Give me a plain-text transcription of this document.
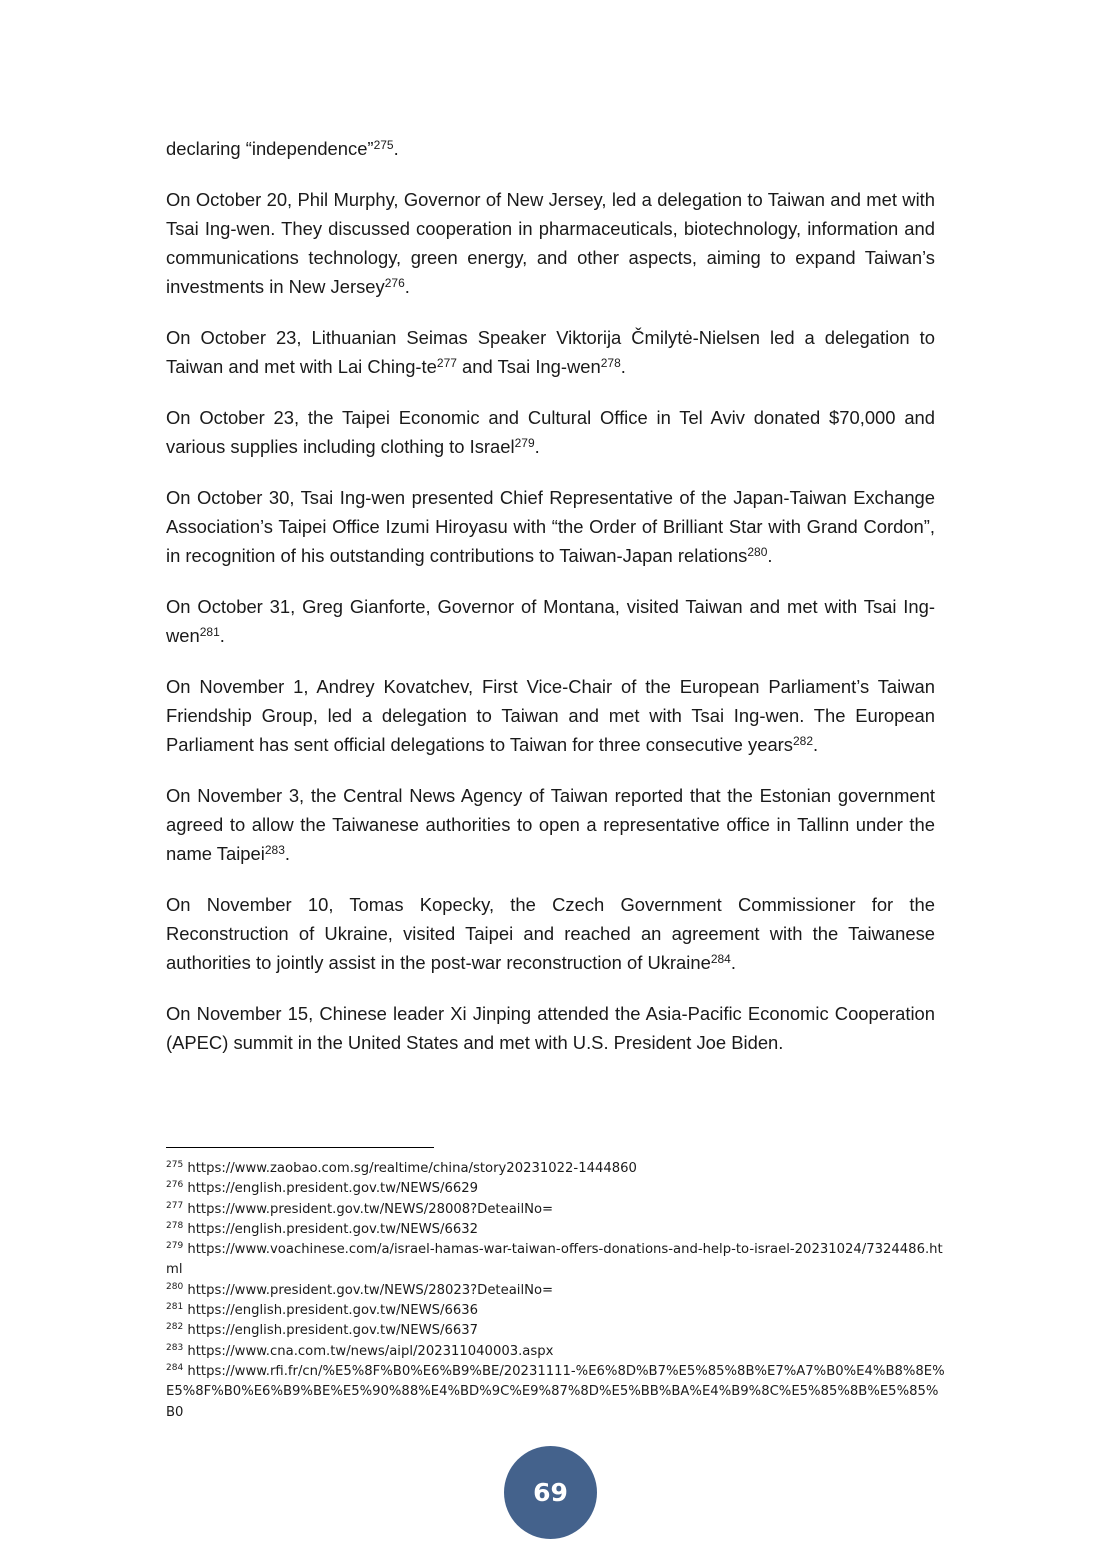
declaring “independence”$^{275}$.

On October 20, Phil Murphy, Governor of New Jersey, led a delegation to Taiwan and met with Tsai Ing-wen. They discussed cooperation in pharmaceuticals, biotechnology, information and communications technology, green energy, and other aspects, aiming to expand Taiwan’s investments in New Jersey$^{276}$.

On October 23, Lithuanian Seimas Speaker Viktorija Čmilytė-Nielsen led a delegation to Taiwan and met with Lai Ching-$te^{277}$ and Tsai Ing-wen$^{278}$.

On October 23, the Taipei Economic and Cultural Office in Tel Aviv donated $70,000 and various supplies including clothing to Israel$^{279}$.

On October 30, Tsai Ing-wen presented Chief Representative of the Japan-Taiwan Exchange Association’s Taipei Office Izumi Hiroyasu with “the Order of Brilliant Star with Grand Cordon”, in recognition of his outstanding contributions to Taiwan-Japan relations$^{280}$.

On October 31, Greg Gianforte, Governor of Montana, visited Taiwan and met with Tsai Ing-wen$^{281}$.

On November 1, Andrey Kovatchev, First Vice-Chair of the European Parliament’s Taiwan Friendship Group, led a delegation to Taiwan and met with Tsai Ing-wen. The European Parliament has sent official delegations to Taiwan for three consecutive years$^{282}$.

On November 3, the Central News Agency of Taiwan reported that the Estonian government agreed to allow the Taiwanese authorities to open a representative office in Tallinn under the name Taipei$^{283}$.

On November 10, Tomas Kopecky, the Czech Government Commissioner for the Reconstruction of Ukraine, visited Taipei and reached an agreement with the Taiwanese authorities to jointly assist in the post-war reconstruction of Ukraine$^{284}$.

On November 15, Chinese leader Xi Jinping attended the Asia-Pacific Economic Cooperation (APEC) summit in the United States and met with U.S. President Joe Biden.

$^{275}$ https://www.zaobao.com.sg/realtime/china/story20231022-1444860
$^{276}$ https://english.president.gov.tw/NEWS/6629
$^{277}$ https://www.president.gov.tw/NEWS/28008?DeteailNo=
$^{278}$ https://english.president.gov.tw/NEWS/6632
$^{279}$ https://www.voachinese.com/a/israel-hamas-war-taiwan-offers-donations-and-help-to-israel-20231024/7324486.html
$^{280}$ https://www.president.gov.tw/NEWS/28023?DeteailNo=
$^{281}$ https://english.president.gov.tw/NEWS/6636
$^{282}$ https://english.president.gov.tw/NEWS/6637
$^{283}$ https://www.cna.com.tw/news/aipl/202311040003.aspx
$^{284}$ https://www.rfi.fr/cn/%E5%8F%B0%E6%B9%BE/20231111-%E6%8D%B7%E5%85%8B%E7%A7%B0%E4%B8%8E%E5%8F%B0%E6%B9%BE%E5%90%88%E4%BD%9C%E9%87%8D%E5%BB%BA%E4%B9%8C%E5%85%8B%E5%85%B0
69
